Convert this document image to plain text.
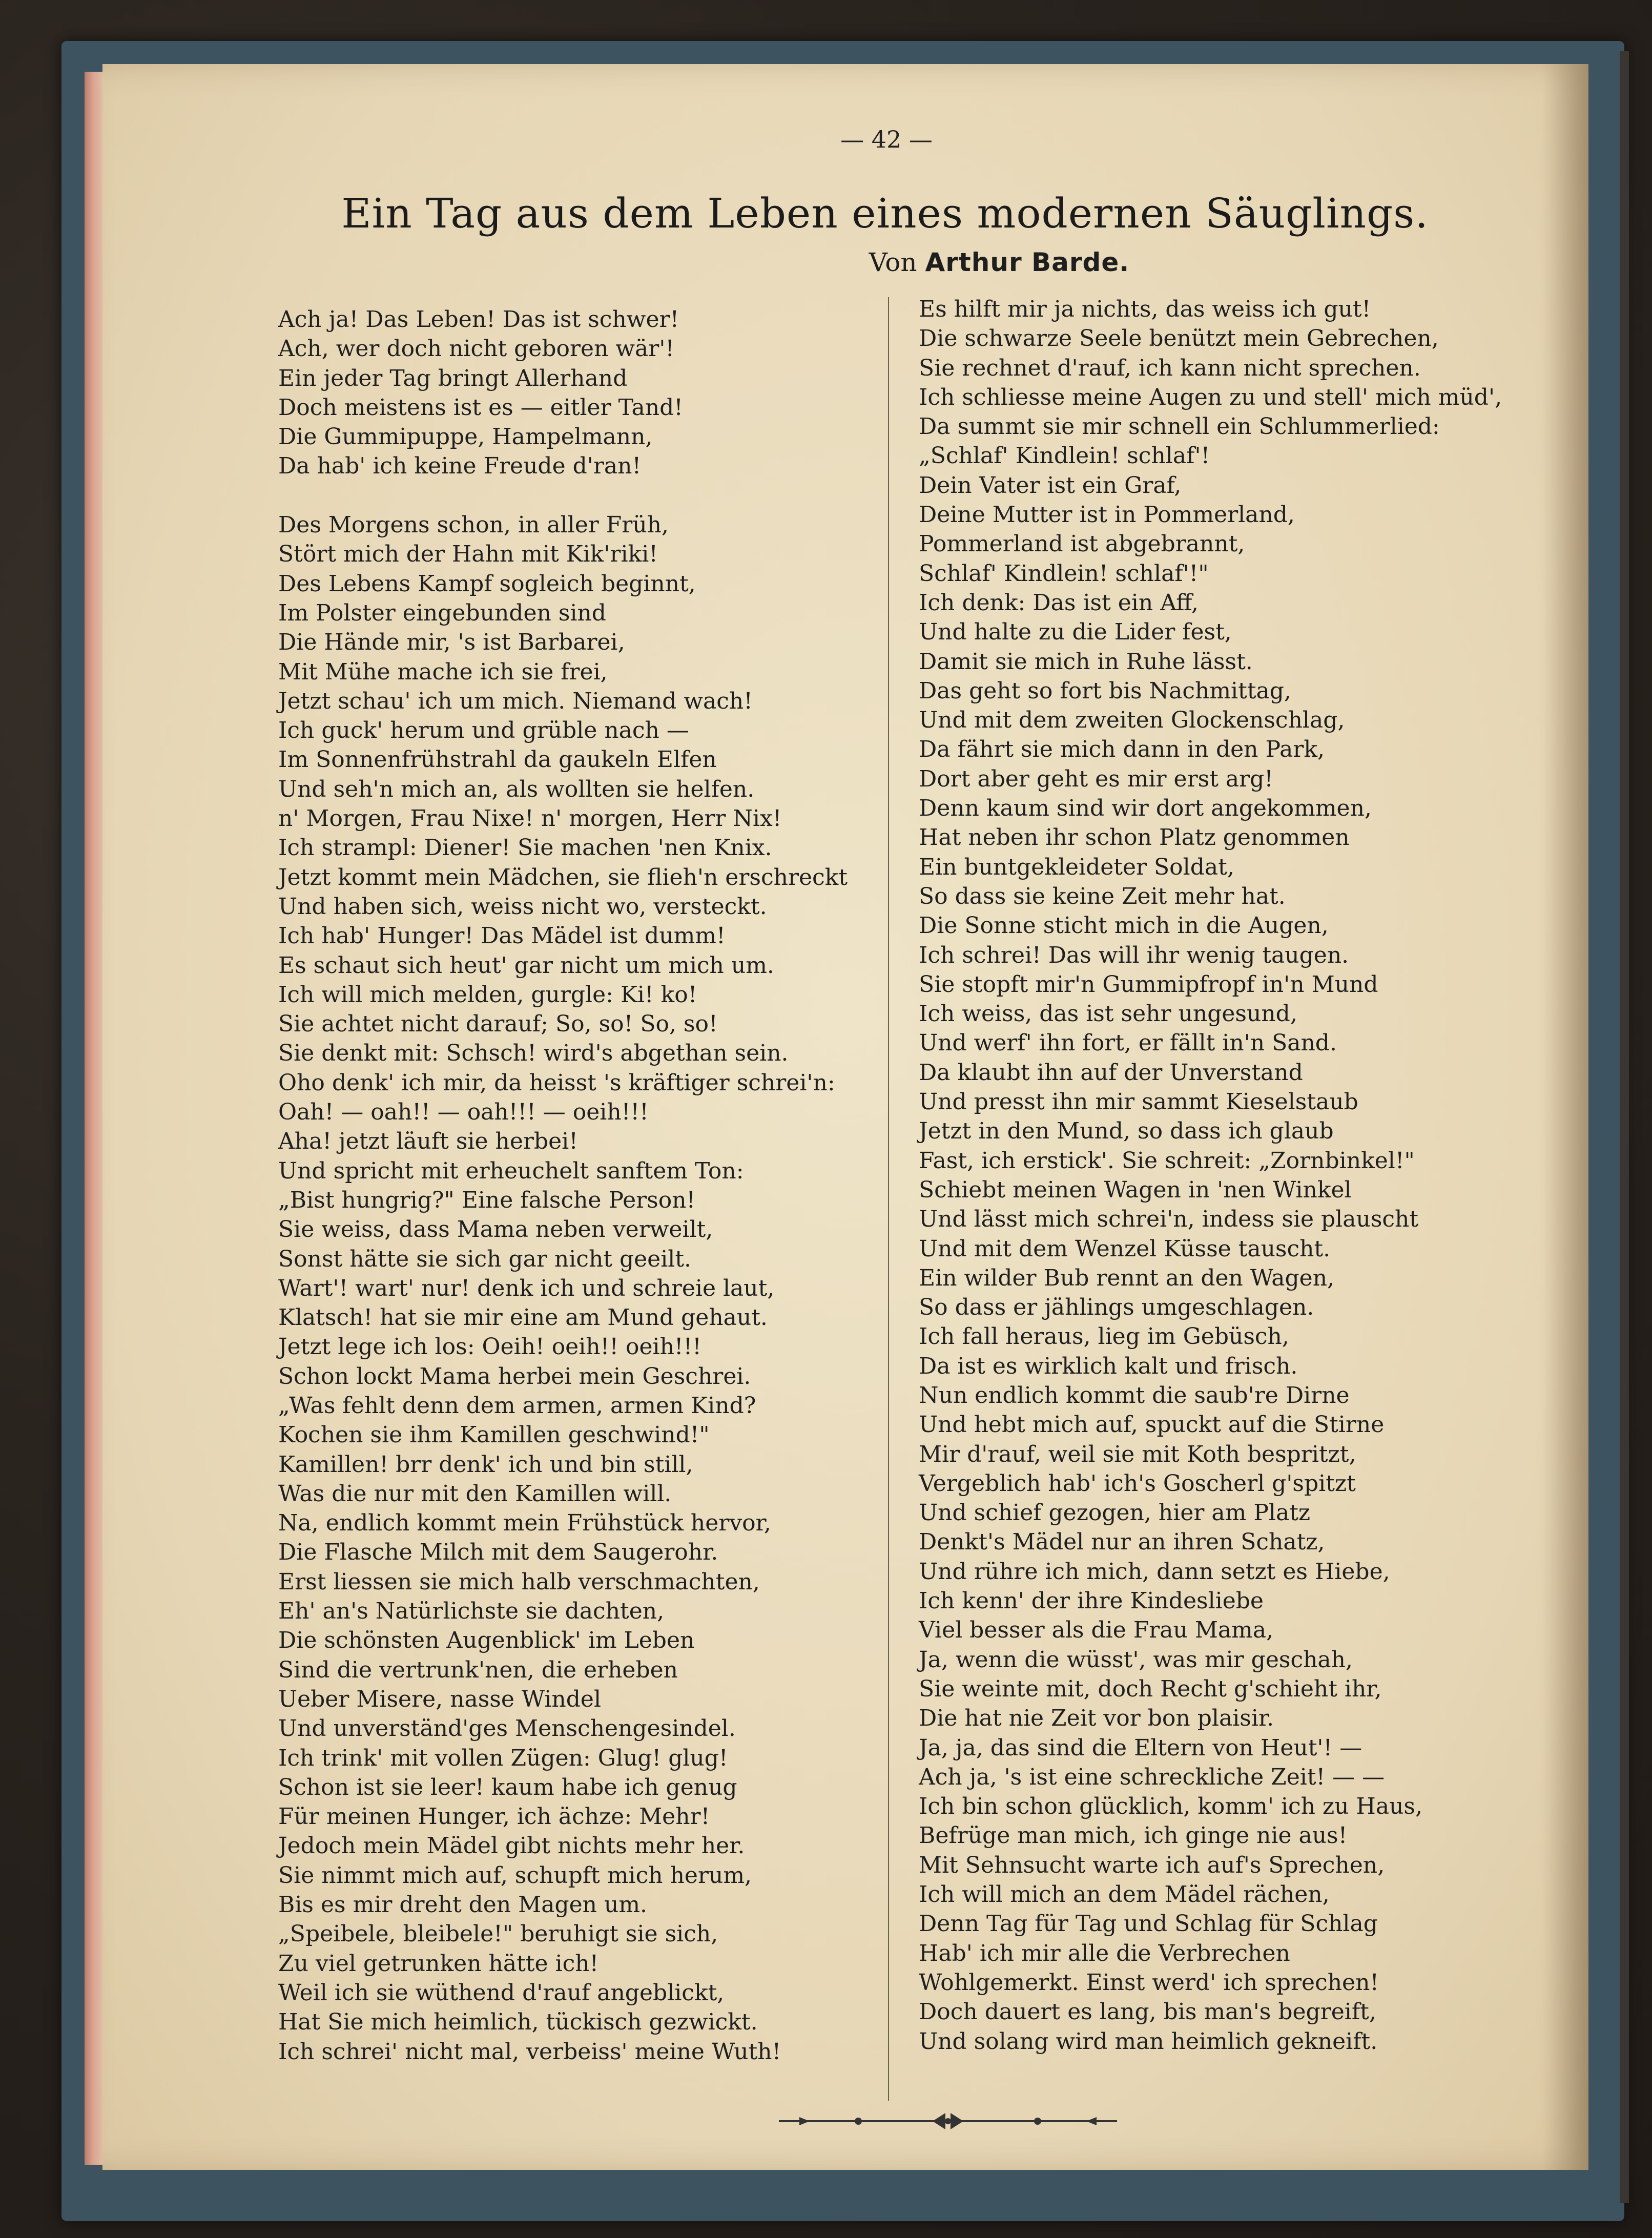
— 42 —
Ein Tag aus dem Leben eines modernen Säuglings.
Von Arthur Barde.
Ach ja! Das Leben! Das ist schwer!
Ach, wer doch nicht geboren wär'!
Ein jeder Tag bringt Allerhand
Doch meistens ist es — eitler Tand!
Die Gummipuppe, Hampelmann,
Da hab' ich keine Freude d'ran!
Des Morgens schon, in aller Früh,
Stört mich der Hahn mit Kik'riki!
Des Lebens Kampf sogleich beginnt,
Im Polster eingebunden sind
Die Hände mir, 's ist Barbarei,
Mit Mühe mache ich sie frei,
Jetzt schau' ich um mich. Niemand wach!
Ich guck' herum und grüble nach —
Im Sonnenfrühstrahl da gaukeln Elfen
Und seh'n mich an, als wollten sie helfen.
n' Morgen, Frau Nixe! n' morgen, Herr Nix!
Ich strampl: Diener! Sie machen 'nen Knix.
Jetzt kommt mein Mädchen, sie flieh'n erschreckt
Und haben sich, weiss nicht wo, versteckt.
Ich hab' Hunger! Das Mädel ist dumm!
Es schaut sich heut' gar nicht um mich um.
Ich will mich melden, gurgle: Ki! ko!
Sie achtet nicht darauf; So, so! So, so!
Sie denkt mit: Schsch! wird's abgethan sein.
Oho denk' ich mir, da heisst 's kräftiger schrei'n:
Oah! — oah!! — oah!!! — oeih!!!
Aha! jetzt läuft sie herbei!
Und spricht mit erheuchelt sanftem Ton:
„Bist hungrig?" Eine falsche Person!
Sie weiss, dass Mama neben verweilt,
Sonst hätte sie sich gar nicht geeilt.
Wart'! wart' nur! denk ich und schreie laut,
Klatsch! hat sie mir eine am Mund gehaut.
Jetzt lege ich los: Oeih! oeih!! oeih!!!
Schon lockt Mama herbei mein Geschrei.
„Was fehlt denn dem armen, armen Kind?
Kochen sie ihm Kamillen geschwind!"
Kamillen! brr denk' ich und bin still,
Was die nur mit den Kamillen will.
Na, endlich kommt mein Frühstück hervor,
Die Flasche Milch mit dem Saugerohr.
Erst liessen sie mich halb verschmachten,
Eh' an's Natürlichste sie dachten,
Die schönsten Augenblick' im Leben
Sind die vertrunk'nen, die erheben
Ueber Misere, nasse Windel
Und unverständ'ges Menschengesindel.
Ich trink' mit vollen Zügen: Glug! glug!
Schon ist sie leer! kaum habe ich genug
Für meinen Hunger, ich ächze: Mehr!
Jedoch mein Mädel gibt nichts mehr her.
Sie nimmt mich auf, schupft mich herum,
Bis es mir dreht den Magen um.
„Speibele, bleibele!" beruhigt sie sich,
Zu viel getrunken hätte ich!
Weil ich sie wüthend d'rauf angeblickt,
Hat Sie mich heimlich, tückisch gezwickt.
Ich schrei' nicht mal, verbeiss' meine Wuth!
Es hilft mir ja nichts, das weiss ich gut!
Die schwarze Seele benützt mein Gebrechen,
Sie rechnet d'rauf, ich kann nicht sprechen.
Ich schliesse meine Augen zu und stell' mich müd',
Da summt sie mir schnell ein Schlummerlied:
„Schlaf' Kindlein! schlaf'!
Dein Vater ist ein Graf,
Deine Mutter ist in Pommerland,
Pommerland ist abgebrannt,
Schlaf' Kindlein! schlaf'!"
Ich denk: Das ist ein Aff,
Und halte zu die Lider fest,
Damit sie mich in Ruhe lässt.
Das geht so fort bis Nachmittag,
Und mit dem zweiten Glockenschlag,
Da fährt sie mich dann in den Park,
Dort aber geht es mir erst arg!
Denn kaum sind wir dort angekommen,
Hat neben ihr schon Platz genommen
Ein buntgekleideter Soldat,
So dass sie keine Zeit mehr hat.
Die Sonne sticht mich in die Augen,
Ich schrei! Das will ihr wenig taugen.
Sie stopft mir'n Gummipfropf in'n Mund
Ich weiss, das ist sehr ungesund,
Und werf' ihn fort, er fällt in'n Sand.
Da klaubt ihn auf der Unverstand
Und presst ihn mir sammt Kieselstaub
Jetzt in den Mund, so dass ich glaub
Fast, ich erstick'. Sie schreit: „Zornbinkel!"
Schiebt meinen Wagen in 'nen Winkel
Und lässt mich schrei'n, indess sie plauscht
Und mit dem Wenzel Küsse tauscht.
Ein wilder Bub rennt an den Wagen,
So dass er jählings umgeschlagen.
Ich fall heraus, lieg im Gebüsch,
Da ist es wirklich kalt und frisch.
Nun endlich kommt die saub're Dirne
Und hebt mich auf, spuckt auf die Stirne
Mir d'rauf, weil sie mit Koth bespritzt,
Vergeblich hab' ich's Goscherl g'spitzt
Und schief gezogen, hier am Platz
Denkt's Mädel nur an ihren Schatz,
Und rühre ich mich, dann setzt es Hiebe,
Ich kenn' der ihre Kindesliebe
Viel besser als die Frau Mama,
Ja, wenn die wüsst', was mir geschah,
Sie weinte mit, doch Recht g'schieht ihr,
Die hat nie Zeit vor bon plaisir.
Ja, ja, das sind die Eltern von Heut'! —
Ach ja, 's ist eine schreckliche Zeit! — —
Ich bin schon glücklich, komm' ich zu Haus,
Befrüge man mich, ich ginge nie aus!
Mit Sehnsucht warte ich auf's Sprechen,
Ich will mich an dem Mädel rächen,
Denn Tag für Tag und Schlag für Schlag
Hab' ich mir alle die Verbrechen
Wohlgemerkt. Einst werd' ich sprechen!
Doch dauert es lang, bis man's begreift,
Und solang wird man heimlich gekneift.
